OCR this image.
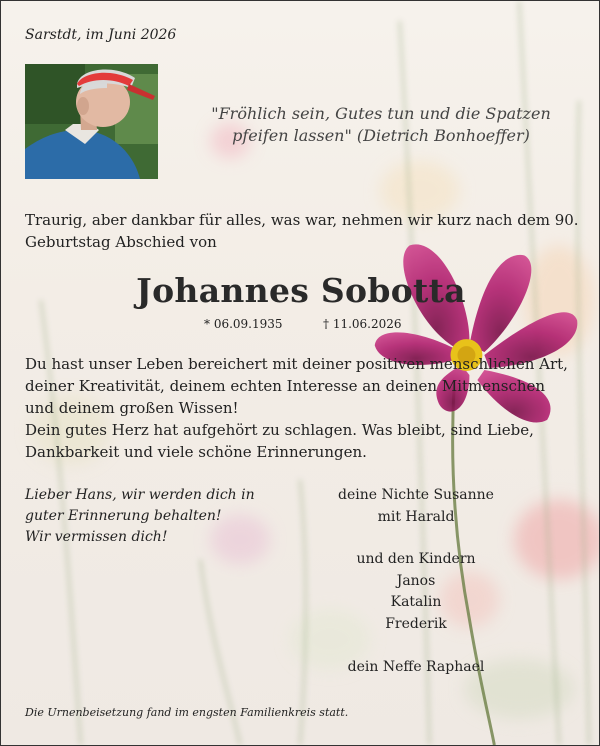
Sarstdt, im Juni 2026
"Fröhlich sein, Gutes tun und die Spatzen pfeifen lassen" (Dietrich Bonhoeffer)
Traurig, aber dankbar für alles, was war, nehmen wir kurz nach dem 90. Geburtstag Abschied von
Johannes Sobotta
* 06.09.1935	† 11.06.2026
Du hast unser Leben bereichert mit deiner positiven menschlichen Art, deiner Kreativität, deinem echten Interesse an deinen Mitmenschen und deinem großen Wissen!
Dein gutes Herz hat aufgehört zu schlagen. Was bleibt, sind Liebe, Dankbarkeit und viele schöne Erinnerungen.
Lieber Hans, wir werden dich in
guter Erinnerung behalten!
Wir vermissen dich!
deine Nichte Susanne
mit Harald
und den Kindern
Janos
Katalin
Frederik
dein Neffe Raphael
Die Urnenbeisetzung fand im engsten Familienkreis statt.
